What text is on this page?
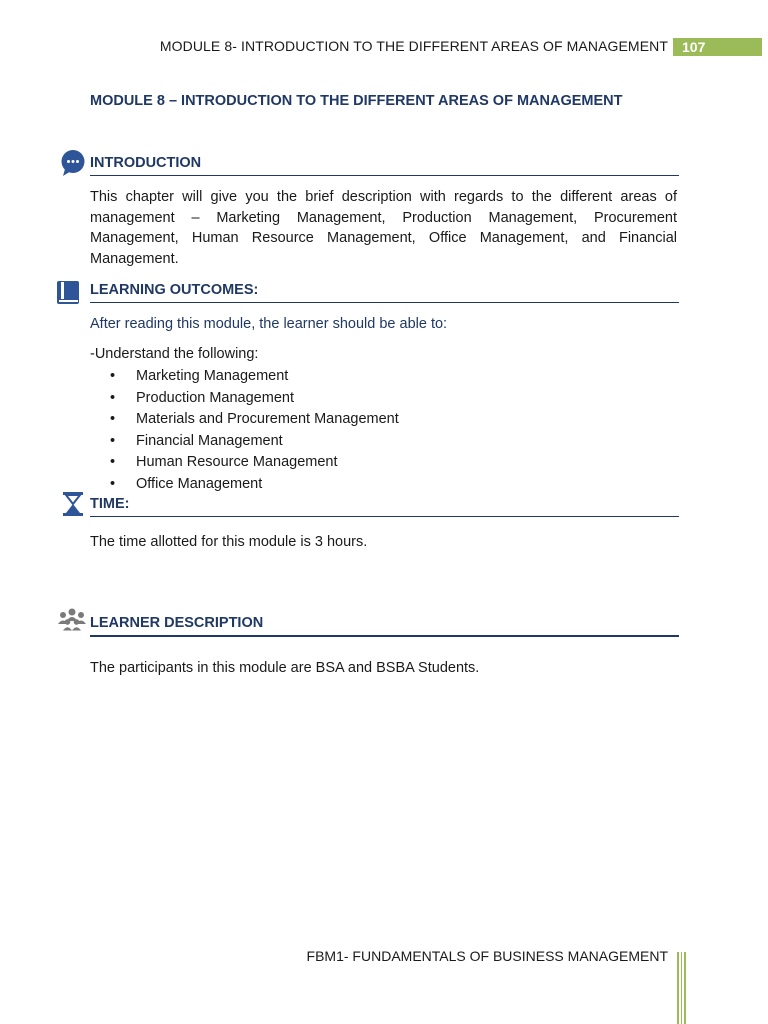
MODULE 8- INTRODUCTION TO THE DIFFERENT AREAS OF MANAGEMENT	107
MODULE 8 – INTRODUCTION TO THE DIFFERENT AREAS OF MANAGEMENT
INTRODUCTION
This chapter will give you the brief description with regards to the different areas of management – Marketing Management, Production Management, Procurement Management, Human Resource Management, Office Management, and Financial Management.
LEARNING OUTCOMES:
After reading this module, the learner should be able to:
-Understand the following:
• Marketing Management
• Production Management
• Materials and Procurement Management
• Financial Management
• Human Resource Management
• Office Management
TIME:
The time allotted for this module is 3 hours.
LEARNER DESCRIPTION
The participants in this module are BSA and BSBA Students.
FBM1- FUNDAMENTALS OF BUSINESS MANAGEMENT
